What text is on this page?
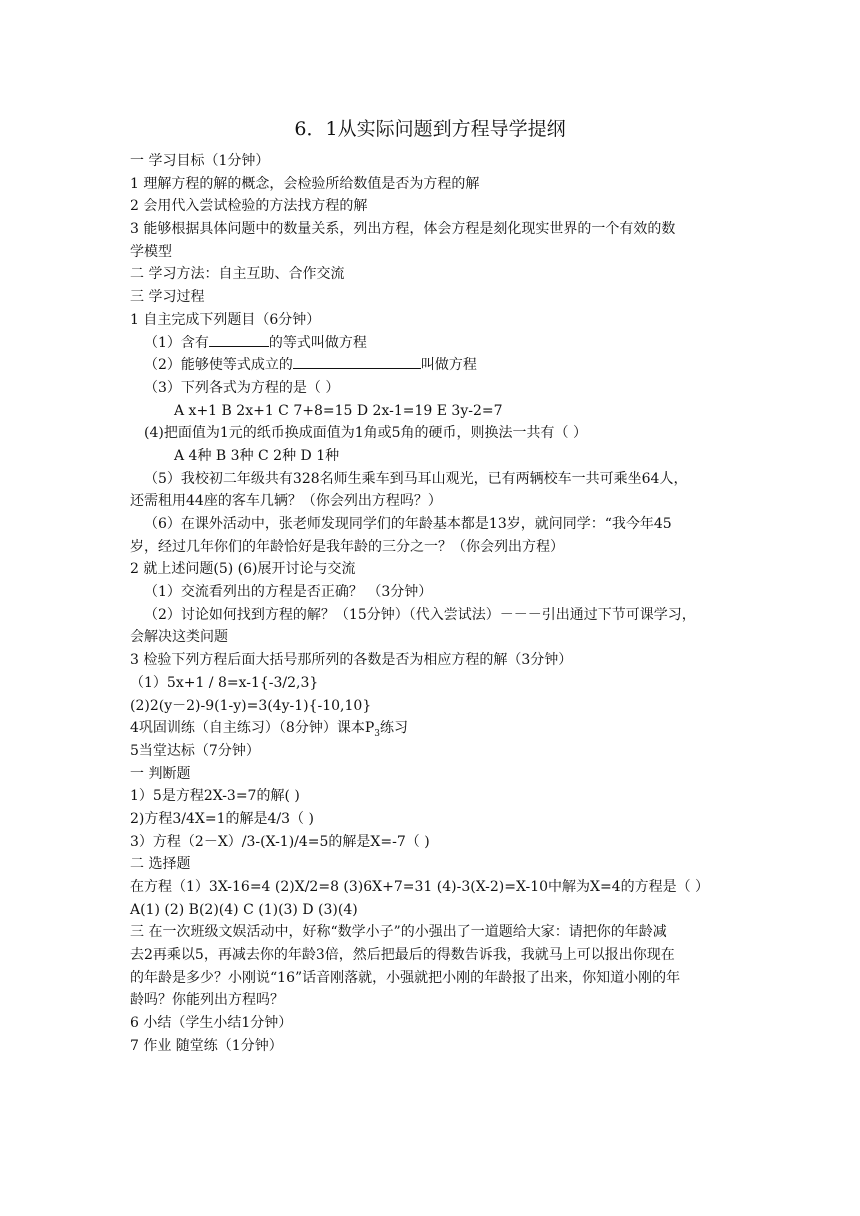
6．1从实际问题到方程导学提纲
一 学习目标（1分钟）
1 理解方程的解的概念，会检验所给数值是否为方程的解
2 会用代入尝试检验的方法找方程的解
3 能够根据具体问题中的数量关系，列出方程，体会方程是刻化现实世界的一个有效的数
学模型
二 学习方法：自主互助、合作交流
三 学习过程
1 自主完成下列题目（6分钟）
（1）含有	的等式叫做方程
（2）能够使等式成立的	叫做方程
（3）下列各式为方程的是（ ）
A x+1 B 2x+1 C 7+8=15 D 2x-1=19 E 3y-2=7
(4)把面值为1元的纸币换成面值为1角或5角的硬币，则换法一共有（ ）
A 4种 B 3种 C 2种 D 1种
（5）我校初二年级共有328名师生乘车到马耳山观光，已有两辆校车一共可乘坐64人，
还需租用44座的客车几辆？（你会列出方程吗？）
（6）在课外活动中，张老师发现同学们的年龄基本都是13岁，就问同学：“我今年45
岁，经过几年你们的年龄恰好是我年龄的三分之一？（你会列出方程）
2 就上述问题(5) (6)展开讨论与交流
（1）交流看列出的方程是否正确？ （3分钟）
（2）讨论如何找到方程的解？（15分钟）（代入尝试法）－－－引出通过下节可课学习，
会解决这类问题
3 检验下列方程后面大括号那所列的各数是否为相应方程的解（3分钟）
（1）5x+1 / 8=x-1{-3/2,3}
(2)2(y－2)-9(1-y)=3(4y-1){-10,10}
4巩固训练（自主练习）（8分钟）课本$P_3$练习
5当堂达标（7分钟）
一 判断题
1）5是方程2X-3=7的解( )
2)方程3/4X=1的解是4/3（ )
3）方程（2－X）/3-(X-1)/4=5的解是X=-7（ )
二 选择题
在方程（1）3X-16=4 (2)X/2=8 (3)6X+7=31 (4)-3(X-2)=X-10中解为X=4的方程是（ ）
A(1) (2) B(2)(4) C (1)(3) D (3)(4)
三 在一次班级文娱活动中，好称“数学小子”的小强出了一道题给大家：请把你的年龄减
去2再乘以5，再减去你的年龄3倍，然后把最后的得数告诉我，我就马上可以报出你现在
的年龄是多少？小刚说“16”话音刚落就，小强就把小刚的年龄报了出来，你知道小刚的年
龄吗？你能列出方程吗？
6 小结（学生小结1分钟）
7 作业 随堂练（1分钟）
